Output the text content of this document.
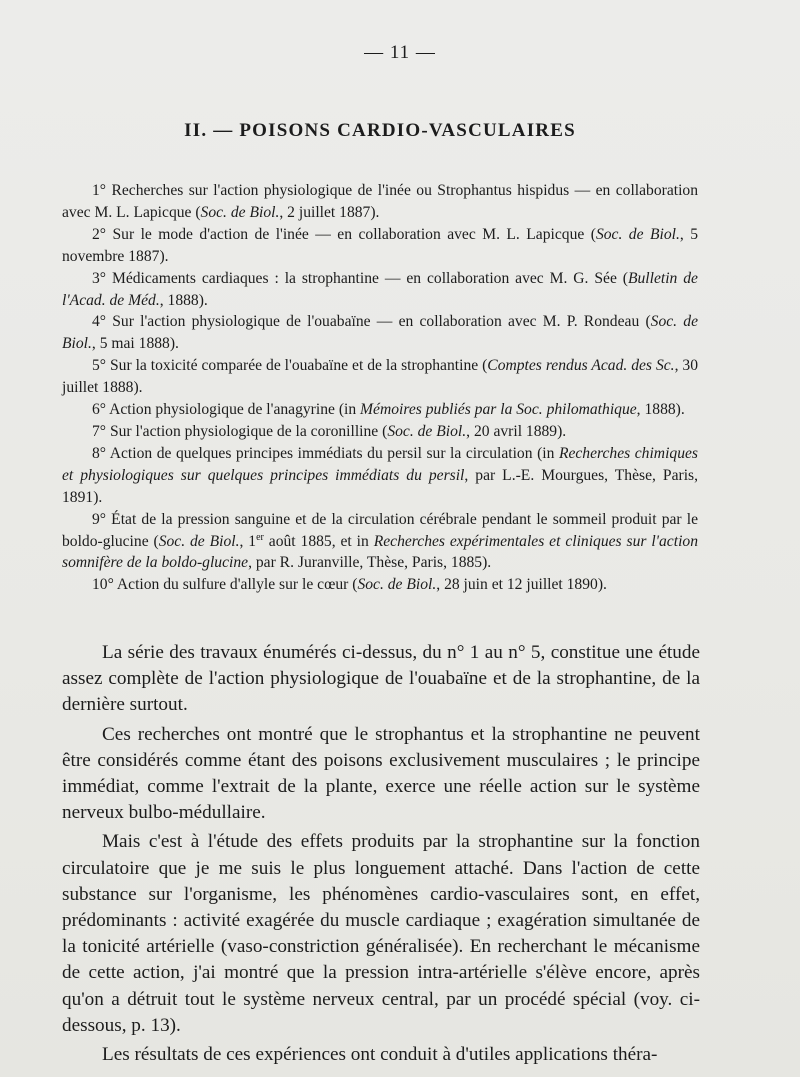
— 11 —
II. — POISONS CARDIO-VASCULAIRES

1° Recherches sur l'action physiologique de l'inée ou Strophantus hispidus — en collaboration avec M. L. Lapicque (Soc. de Biol., 2 juillet 1887).

2° Sur le mode d'action de l'inée — en collaboration avec M. L. Lapicque (Soc. de Biol., 5 novembre 1887).

3° Médicaments cardiaques : la strophantine — en collaboration avec M. G. Sée (Bulletin de l'Acad. de Méd., 1888).

4° Sur l'action physiologique de l'ouabaïne — en collaboration avec M. P. Rondeau (Soc. de Biol., 5 mai 1888).

5° Sur la toxicité comparée de l'ouabaïne et de la strophantine (Comptes rendus Acad. des Sc., 30 juillet 1888).

6° Action physiologique de l'anagyrine (in Mémoires publiés par la Soc. philomathique, 1888).

7° Sur l'action physiologique de la coronilline (Soc. de Biol., 20 avril 1889).

8° Action de quelques principes immédiats du persil sur la circulation (in Recherches chimiques et physiologiques sur quelques principes immédiats du persil, par L.-E. Mourgues, Thèse, Paris, 1891).

9° État de la pression sanguine et de la circulation cérébrale pendant le sommeil produit par le boldo-glucine (Soc. de Biol., 1er août 1885, et in Recherches expérimentales et cliniques sur l'action somnifère de la boldo-glucine, par R. Juranville, Thèse, Paris, 1885).

10° Action du sulfure d'allyle sur le cœur (Soc. de Biol., 28 juin et 12 juillet 1890).

La série des travaux énumérés ci-dessus, du n° 1 au n° 5, constitue une étude assez complète de l'action physiologique de l'ouabaïne et de la strophantine, de la dernière surtout.

Ces recherches ont montré que le strophantus et la strophantine ne peuvent être considérés comme étant des poisons exclusivement musculaires ; le principe immédiat, comme l'extrait de la plante, exerce une réelle action sur le système nerveux bulbo-médullaire.

Mais c'est à l'étude des effets produits par la strophantine sur la fonction circulatoire que je me suis le plus longuement attaché. Dans l'action de cette substance sur l'organisme, les phénomènes cardio-vasculaires sont, en effet, prédominants : activité exagérée du muscle cardiaque ; exagération simultanée de la tonicité artérielle (vaso-constriction généralisée). En recherchant le mécanisme de cette action, j'ai montré que la pression intra-artérielle s'élève encore, après qu'on a détruit tout le système nerveux central, par un procédé spécial (voy. ci-dessous, p. 13).

Les résultats de ces expériences ont conduit à d'utiles applications théra-
